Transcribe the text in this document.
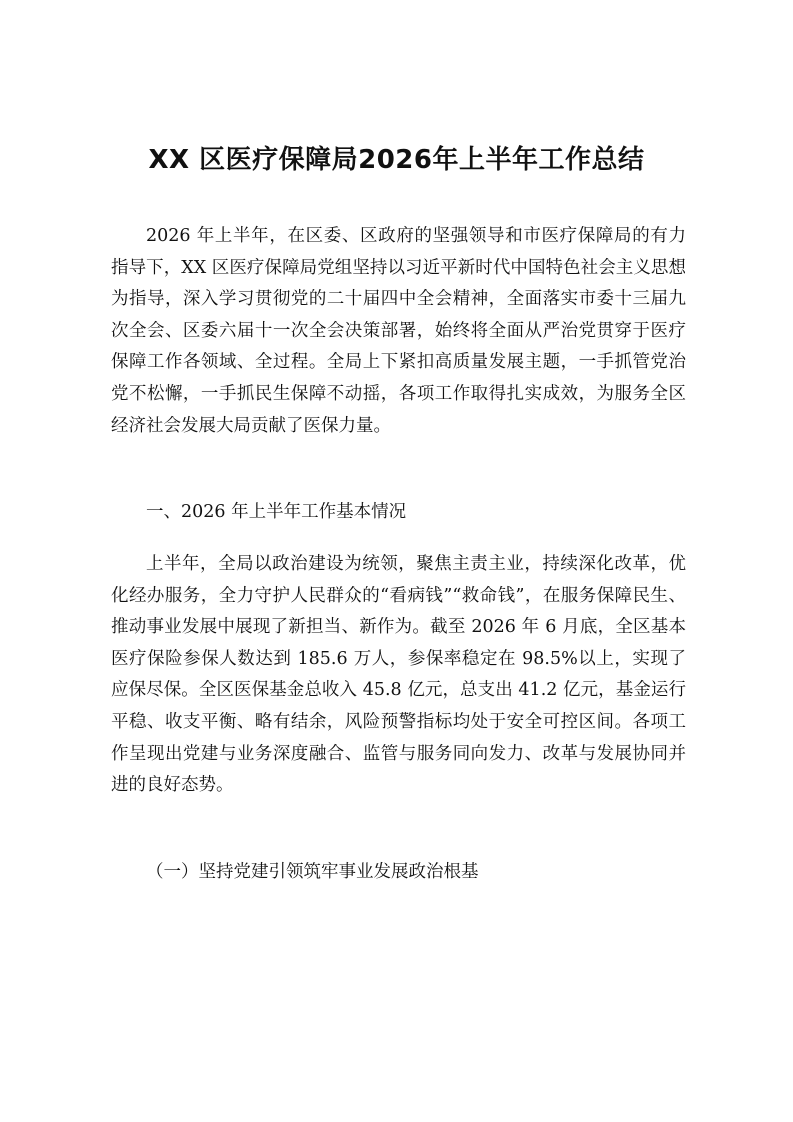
XX 区医疗保障局2026年上半年工作总结

2026 年上半年，在区委、区政府的坚强领导和市医疗保障局的有力指导下，XX 区医疗保障局党组坚持以习近平新时代中国特色社会主义思想为指导，深入学习贯彻党的二十届四中全会精神，全面落实市委十三届九次全会、区委六届十一次全会决策部署，始终将全面从严治党贯穿于医疗保障工作各领域、全过程。全局上下紧扣高质量发展主题，一手抓管党治党不松懈，一手抓民生保障不动摇，各项工作取得扎实成效，为服务全区经济社会发展大局贡献了医保力量。

一、2026 年上半年工作基本情况

上半年，全局以政治建设为统领，聚焦主责主业，持续深化改革，优化经办服务，全力守护人民群众的“看病钱”“救命钱”，在服务保障民生、推动事业发展中展现了新担当、新作为。截至 2026 年 6 月底，全区基本医疗保险参保人数达到 185.6 万人，参保率稳定在 98.5%以上，实现了应保尽保。全区医保基金总收入 45.8 亿元，总支出 41.2 亿元，基金运行平稳、收支平衡、略有结余，风险预警指标均处于安全可控区间。各项工作呈现出党建与业务深度融合、监管与服务同向发力、改革与发展协同并进的良好态势。

（一）坚持党建引领筑牢事业发展政治根基
